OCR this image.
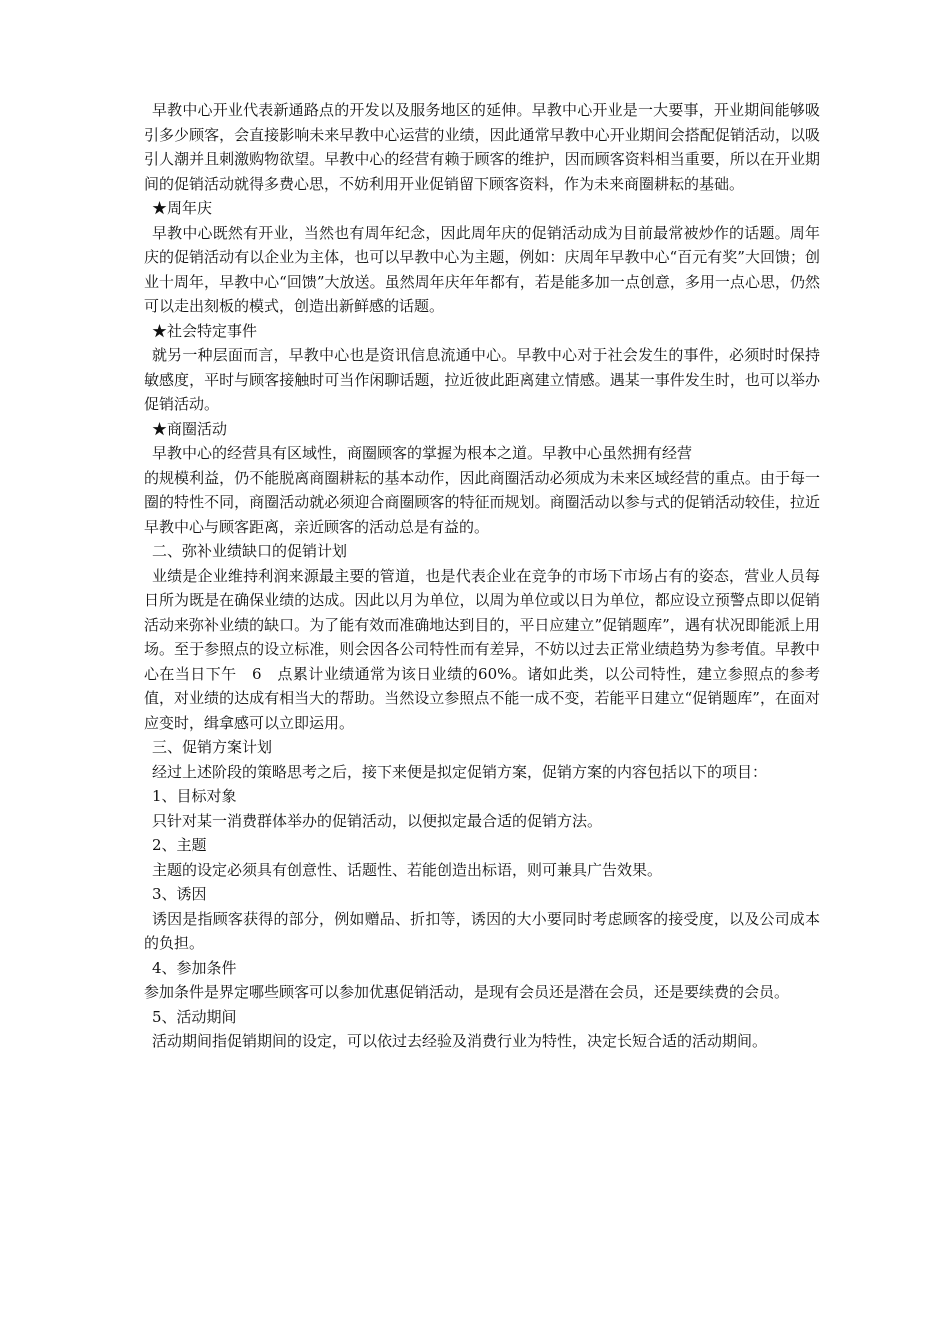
早教中心开业代表新通路点的开发以及服务地区的延伸。早教中心开业是一大要事，开业期间能够吸引多少顾客，会直接影响未来早教中心运营的业绩，因此通常早教中心开业期间会搭配促销活动，以吸引人潮并且刺激购物欲望。早教中心的经营有赖于顾客的维护，因而顾客资料相当重要，所以在开业期间的促销活动就得多费心思，不妨利用开业促销留下顾客资料，作为未来商圈耕耘的基础。

★周年庆

早教中心既然有开业，当然也有周年纪念，因此周年庆的促销活动成为目前最常被炒作的话题。周年庆的促销活动有以企业为主体，也可以早教中心为主题，例如：庆周年早教中心“百元有奖”大回馈；创业十周年，早教中心“回馈”大放送。虽然周年庆年年都有，若是能多加一点创意，多用一点心思，仍然可以走出刻板的模式，创造出新鲜感的话题。

★社会特定事件

就另一种层面而言，早教中心也是资讯信息流通中心。早教中心对于社会发生的事件，必须时时保持敏感度，平时与顾客接触时可当作闲聊话题，拉近彼此距离建立情感。遇某一事件发生时，也可以举办促销活动。

★商圈活动

早教中心的经营具有区域性，商圈顾客的掌握为根本之道。早教中心虽然拥有经营

的规模利益，仍不能脱离商圈耕耘的基本动作，因此商圈活动必须成为未来区域经营的重点。由于每一圈的特性不同，商圈活动就必须迎合商圈顾客的特征而规划。商圈活动以参与式的促销活动较佳，拉近早教中心与顾客距离，亲近顾客的活动总是有益的。

二、弥补业绩缺口的促销计划

业绩是企业维持利润来源最主要的管道，也是代表企业在竞争的市场下市场占有的姿态，营业人员每日所为既是在确保业绩的达成。因此以月为单位，以周为单位或以日为单位，都应设立预警点即以促销活动来弥补业绩的缺口。为了能有效而准确地达到目的，平日应建立”促销题库”，遇有状况即能派上用场。至于参照点的设立标准，则会因各公司特性而有差异，不妨以过去正常业绩趋势为参考值。早教中心在当日下午　6　点累计业绩通常为该日业绩的60%。诸如此类，以公司特性，建立参照点的参考值，对业绩的达成有相当大的帮助。当然设立参照点不能一成不变，若能平日建立“促销题库”，在面对应变时，缉拿感可以立即运用。

三、促销方案计划

经过上述阶段的策略思考之后，接下来便是拟定促销方案，促销方案的内容包括以下的项目：

1、目标对象

只针对某一消费群体举办的促销活动，以便拟定最合适的促销方法。

2、主题

主题的设定必须具有创意性、话题性、若能创造出标语，则可兼具广告效果。

3、诱因

诱因是指顾客获得的部分，例如赠品、折扣等，诱因的大小要同时考虑顾客的接受度，以及公司成本的负担。

4、参加条件

参加条件是界定哪些顾客可以参加优惠促销活动，是现有会员还是潜在会员，还是要续费的会员。

5、活动期间

活动期间指促销期间的设定，可以依过去经验及消费行业为特性，决定长短合适的活动期间。
